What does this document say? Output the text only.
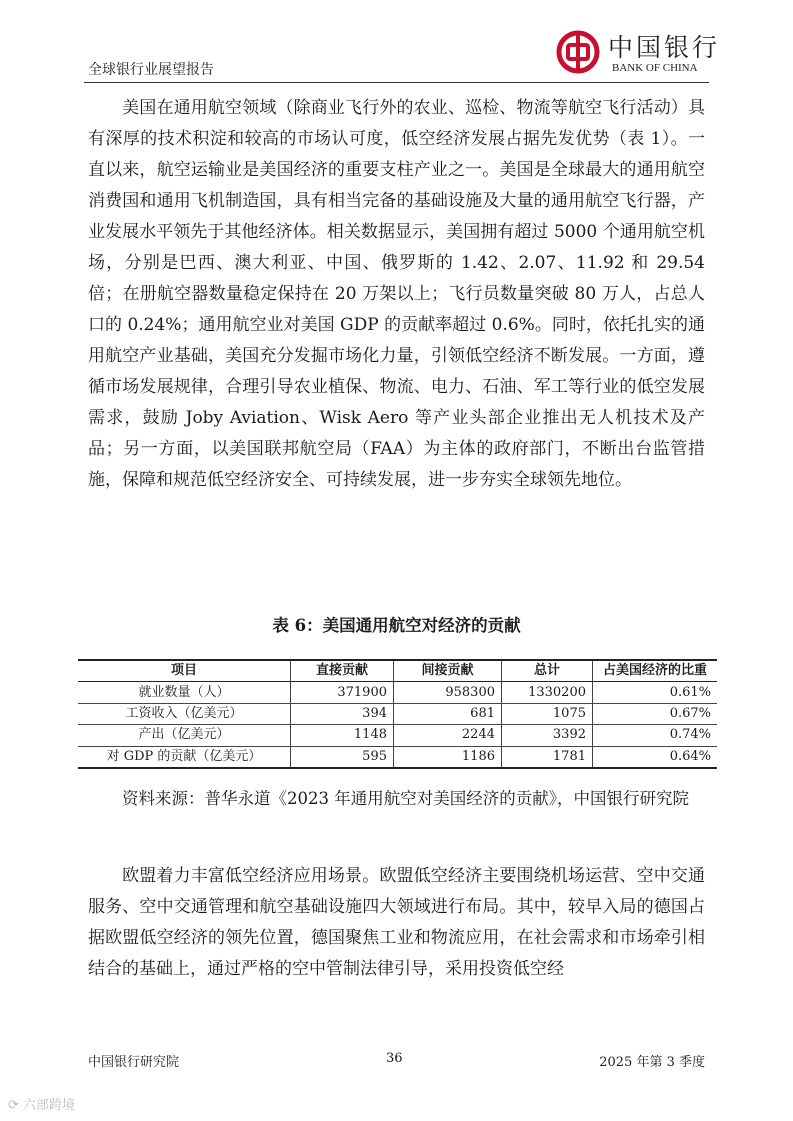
全球银行业展望报告
中国银行
BANK OF CHINA

美国在通用航空领域（除商业飞行外的农业、巡检、物流等航空飞行活动）具有深厚的技术积淀和较高的市场认可度，低空经济发展占据先发优势（表 1）。一直以来，航空运输业是美国经济的重要支柱产业之一。美国是全球最大的通用航空消费国和通用飞机制造国，具有相当完备的基础设施及大量的通用航空飞行器，产业发展水平领先于其他经济体。相关数据显示，美国拥有超过 5000 个通用航空机场，分别是巴西、澳大利亚、中国、俄罗斯的 1.42、2.07、11.92 和 29.54 倍；在册航空器数量稳定保持在 20 万架以上；飞行员数量突破 80 万人，占总人口的 0.24%；通用航空业对美国 GDP 的贡献率超过 0.6%。同时，依托扎实的通用航空产业基础，美国充分发掘市场化力量，引领低空经济不断发展。一方面，遵循市场发展规律，合理引导农业植保、物流、电力、石油、军工等行业的低空发展需求，鼓励 Joby Aviation、Wisk Aero 等产业头部企业推出无人机技术及产品；另一方面，以美国联邦航空局（FAA）为主体的政府部门，不断出台监管措施，保障和规范低空经济安全、可持续发展，进一步夯实全球领先地位。

表 6：美国通用航空对经济的贡献
项目	直接贡献	间接贡献	总计	占美国经济的比重
就业数量（人）	371900	958300	1330200	0.61%
工资收入（亿美元）	394	681	1075	0.67%
产出（亿美元）	1148	2244	3392	0.74%
对 GDP 的贡献（亿美元）	595	1186	1781	0.64%
资料来源：普华永道《2023 年通用航空对美国经济的贡献》，中国银行研究院

欧盟着力丰富低空经济应用场景。欧盟低空经济主要围绕机场运营、空中交通服务、空中交通管理和航空基础设施四大领域进行布局。其中，较早入局的德国占据欧盟低空经济的领先位置，德国聚焦工业和物流应用，在社会需求和市场牵引相结合的基础上，通过严格的空中管制法律引导，采用投资低空经

中国银行研究院	36	2025 年第 3 季度
⟳ 六部跨境
